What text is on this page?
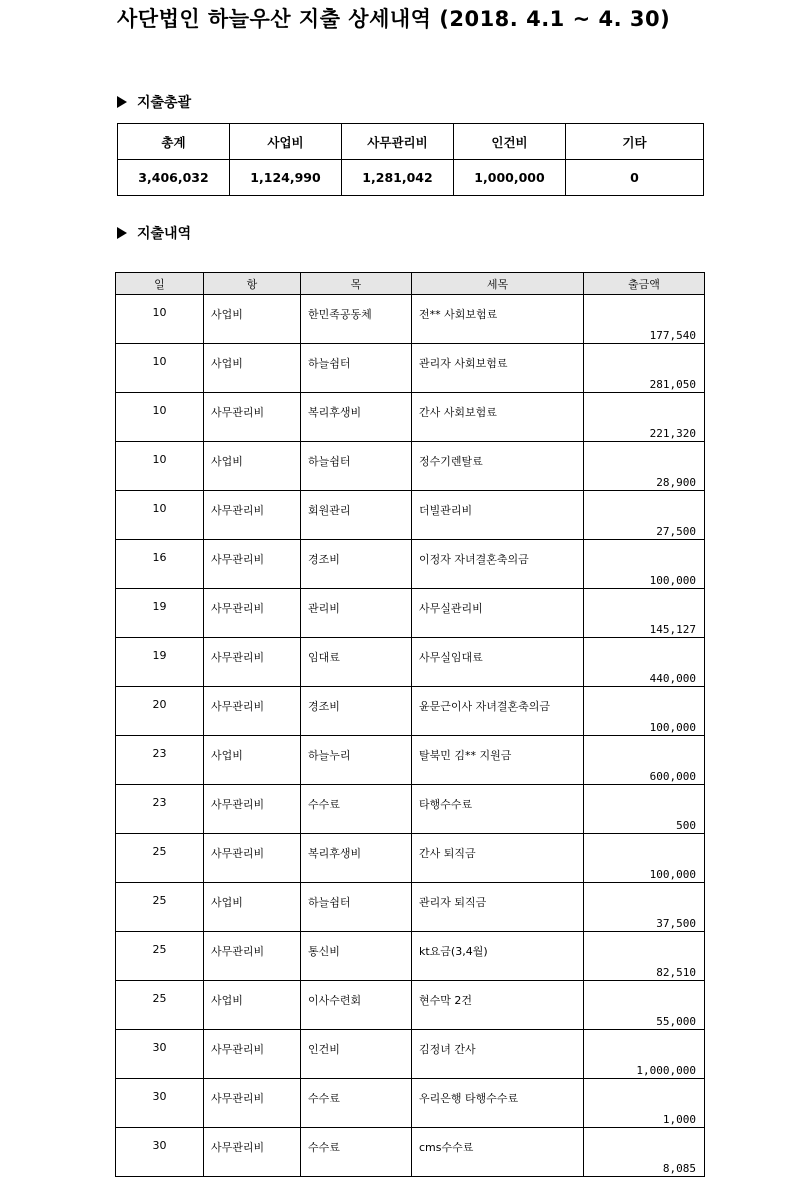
사단법인 하늘우산 지출 상세내역 (2018. 4.1 ~ 4. 30)
지출총괄
총계	사업비	사무관리비	인건비	기타
3,406,032	1,124,990	1,281,042	1,000,000	0
지출내역
일	항	목	세목	출금액
10	사업비	한민족공동체	전** 사회보험료	177,540
10	사업비	하늘쉼터	관리자 사회보험료	281,050
10	사무관리비	복리후생비	간사 사회보험료	221,320
10	사업비	하늘쉼터	정수기렌탈료	28,900
10	사무관리비	회원관리	더빌관리비	27,500
16	사무관리비	경조비	이정자 자녀결혼축의금	100,000
19	사무관리비	관리비	사무실관리비	145,127
19	사무관리비	임대료	사무실임대료	440,000
20	사무관리비	경조비	윤문근이사 자녀결혼축의금	100,000
23	사업비	하늘누리	탈북민 김** 지원금	600,000
23	사무관리비	수수료	타행수수료	500
25	사무관리비	복리후생비	간사 퇴직금	100,000
25	사업비	하늘쉼터	관리자 퇴직금	37,500
25	사무관리비	통신비	kt요금(3,4월)	82,510
25	사업비	이사수련회	현수막 2건	55,000
30	사무관리비	인건비	김정녀 간사	1,000,000
30	사무관리비	수수료	우리은행 타행수수료	1,000
30	사무관리비	수수료	cms수수료	8,085
